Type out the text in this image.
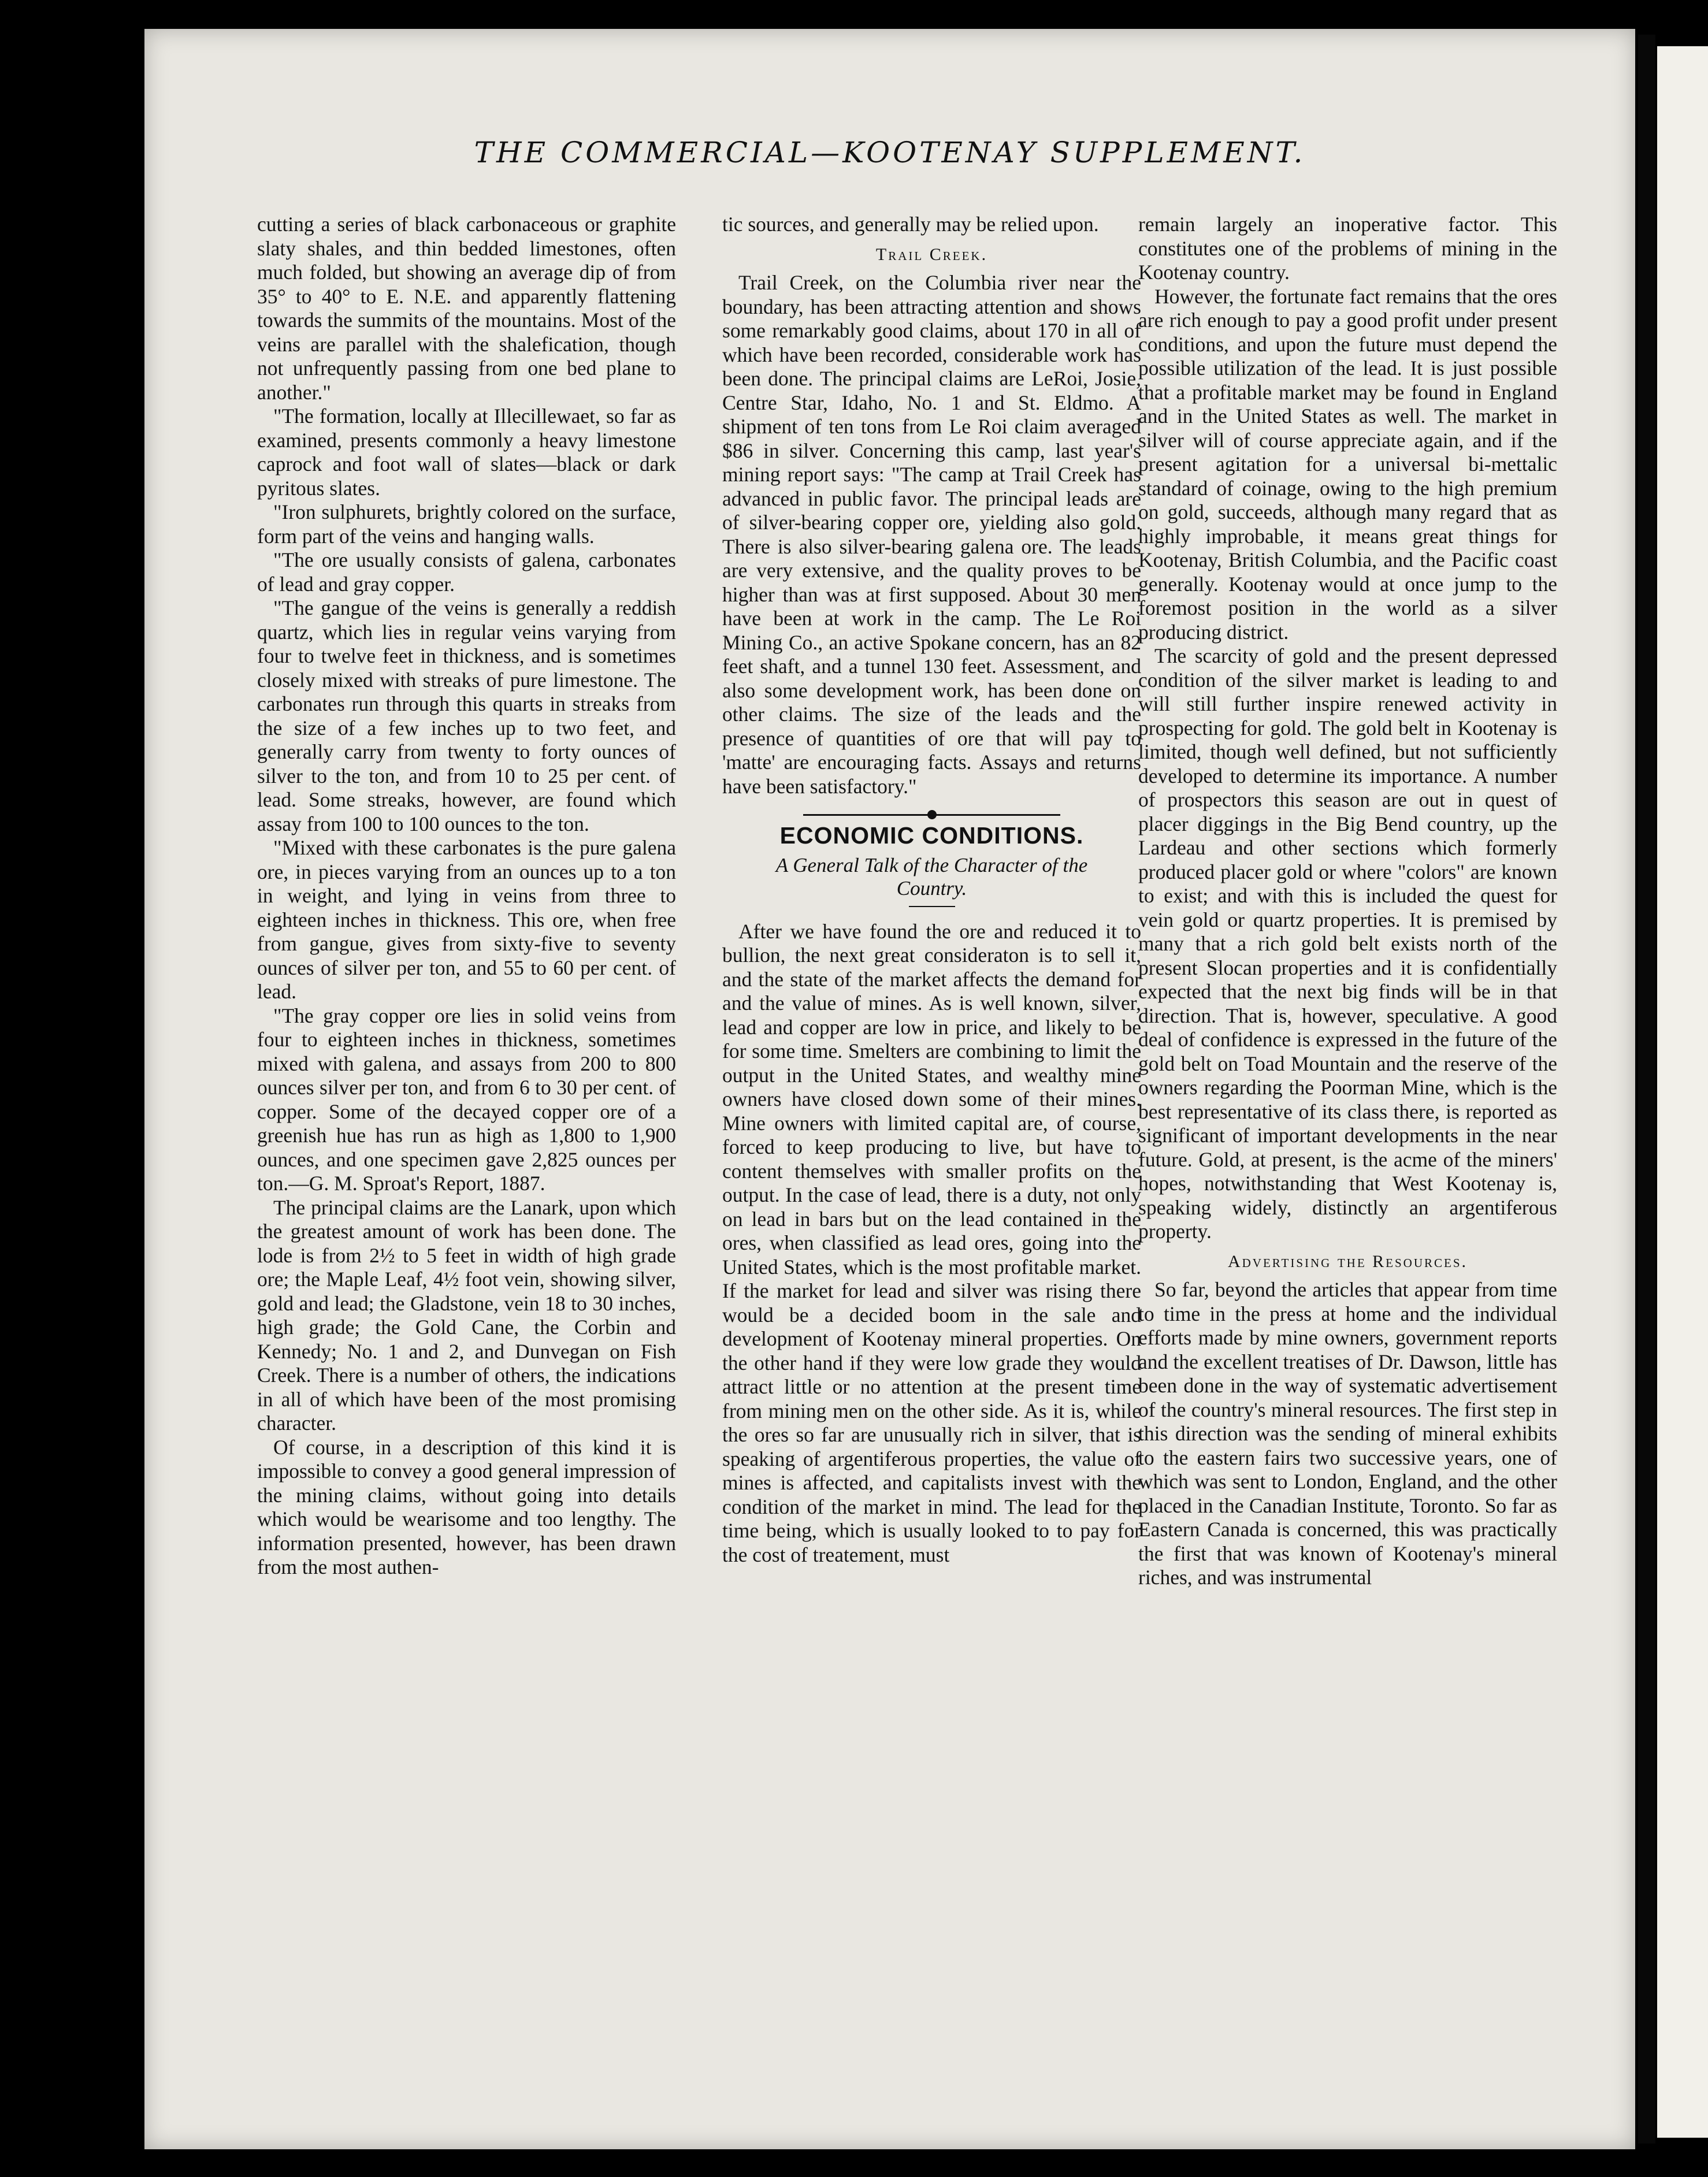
THE COMMERCIAL—KOOTENAY SUPPLEMENT.

cutting a series of black carbonaceous or graphite slaty shales, and thin bedded limestones, often much folded, but showing an average dip of from 35° to 40° to E. N.E. and apparently flattening towards the summits of the mountains. Most of the veins are parallel with the shalefication, though not unfrequently passing from one bed plane to another."

"The formation, locally at Illecillewaet, so far as examined, presents commonly a heavy limestone caprock and foot wall of slates—black or dark pyritous slates.

"Iron sulphurets, brightly colored on the surface, form part of the veins and hanging walls.

"The ore usually consists of galena, carbonates of lead and gray copper.

"The gangue of the veins is generally a reddish quartz, which lies in regular veins varying from four to twelve feet in thickness, and is sometimes closely mixed with streaks of pure limestone. The carbonates run through this quarts in streaks from the size of a few inches up to two feet, and generally carry from twenty to forty ounces of silver to the ton, and from 10 to 25 per cent. of lead. Some streaks, however, are found which assay from 100 to 100 ounces to the ton.

"Mixed with these carbonates is the pure galena ore, in pieces varying from an ounces up to a ton in weight, and lying in veins from three to eighteen inches in thickness. This ore, when free from gangue, gives from sixty-five to seventy ounces of silver per ton, and 55 to 60 per cent. of lead.

"The gray copper ore lies in solid veins from four to eighteen inches in thickness, sometimes mixed with galena, and assays from 200 to 800 ounces silver per ton, and from 6 to 30 per cent. of copper. Some of the decayed copper ore of a greenish hue has run as high as 1,800 to 1,900 ounces, and one specimen gave 2,825 ounces per ton.—G. M. Sproat's Report, 1887.

The principal claims are the Lanark, upon which the greatest amount of work has been done. The lode is from 2½ to 5 feet in width of high grade ore; the Maple Leaf, 4½ foot vein, showing silver, gold and lead; the Gladstone, vein 18 to 30 inches, high grade; the Gold Cane, the Corbin and Kennedy; No. 1 and 2, and Dunvegan on Fish Creek. There is a number of others, the indications in all of which have been of the most promising character.

Of course, in a description of this kind it is impossible to convey a good general impression of the mining claims, without going into details which would be wearisome and too lengthy. The information presented, however, has been drawn from the most authen-

tic sources, and generally may be relied upon.

Trail Creek.

Trail Creek, on the Columbia river near the boundary, has been attracting attention and shows some remarkably good claims, about 170 in all of which have been recorded, considerable work has been done. The principal claims are LeRoi, Josie, Centre Star, Idaho, No. 1 and St. Eldmo. A shipment of ten tons from Le Roi claim averaged $86 in silver. Concerning this camp, last year's mining report says: "The camp at Trail Creek has advanced in public favor. The principal leads are of silver-bearing copper ore, yielding also gold. There is also silver-bearing galena ore. The leads are very extensive, and the quality proves to be higher than was at first supposed. About 30 men have been at work in the camp. The Le Roi Mining Co., an active Spokane concern, has an 82 feet shaft, and a tunnel 130 feet. Assessment, and also some development work, has been done on other claims. The size of the leads and the presence of quantities of ore that will pay to 'matte' are encouraging facts. Assays and returns have been satisfactory."

ECONOMIC CONDITIONS.
A General Talk of the Character of the Country.

After we have found the ore and reduced it to bullion, the next great consideraton is to sell it, and the state of the market affects the demand for and the value of mines. As is well known, silver, lead and copper are low in price, and likely to be for some time. Smelters are combining to limit the output in the United States, and wealthy mine owners have closed down some of their mines. Mine owners with limited capital are, of course, forced to keep producing to live, but have to content themselves with smaller profits on the output. In the case of lead, there is a duty, not only on lead in bars but on the lead contained in the ores, when classified as lead ores, going into the United States, which is the most profitable market. If the market for lead and silver was rising there would be a decided boom in the sale and development of Kootenay mineral properties. On the other hand if they were low grade they would attract little or no attention at the present time from mining men on the other side. As it is, while the ores so far are unusually rich in silver, that is speaking of argentiferous properties, the value of mines is affected, and capitalists invest with the condition of the market in mind. The lead for the time being, which is usually looked to to pay for the cost of treatement, must

remain largely an inoperative factor. This constitutes one of the problems of mining in the Kootenay country.

However, the fortunate fact remains that the ores are rich enough to pay a good profit under present conditions, and upon the future must depend the possible utilization of the lead. It is just possible that a profitable market may be found in England and in the United States as well. The market in silver will of course appreciate again, and if the present agitation for a universal bi-mettalic standard of coinage, owing to the high premium on gold, succeeds, although many regard that as highly improbable, it means great things for Kootenay, British Columbia, and the Pacific coast generally. Kootenay would at once jump to the foremost position in the world as a silver producing district.

The scarcity of gold and the present depressed condition of the silver market is leading to and will still further inspire renewed activity in prospecting for gold. The gold belt in Kootenay is limited, though well defined, but not sufficiently developed to determine its importance. A number of prospectors this season are out in quest of placer diggings in the Big Bend country, up the Lardeau and other sections which formerly produced placer gold or where "colors" are known to exist; and with this is included the quest for vein gold or quartz properties. It is premised by many that a rich gold belt exists north of the present Slocan properties and it is confidentially expected that the next big finds will be in that direction. That is, however, speculative. A good deal of confidence is expressed in the future of the gold belt on Toad Mountain and the reserve of the owners regarding the Poorman Mine, which is the best representative of its class there, is reported as significant of important developments in the near future. Gold, at present, is the acme of the miners' hopes, notwithstanding that West Kootenay is, speaking widely, distinctly an argentiferous property.

Advertising the Resources.

So far, beyond the articles that appear from time to time in the press at home and the individual efforts made by mine owners, government reports and the excellent treatises of Dr. Dawson, little has been done in the way of systematic advertisement of the country's mineral resources. The first step in this direction was the sending of mineral exhibits to the eastern fairs two successive years, one of which was sent to London, England, and the other placed in the Canadian Institute, Toronto. So far as Eastern Canada is concerned, this was practically the first that was known of Kootenay's mineral riches, and was instrumental
